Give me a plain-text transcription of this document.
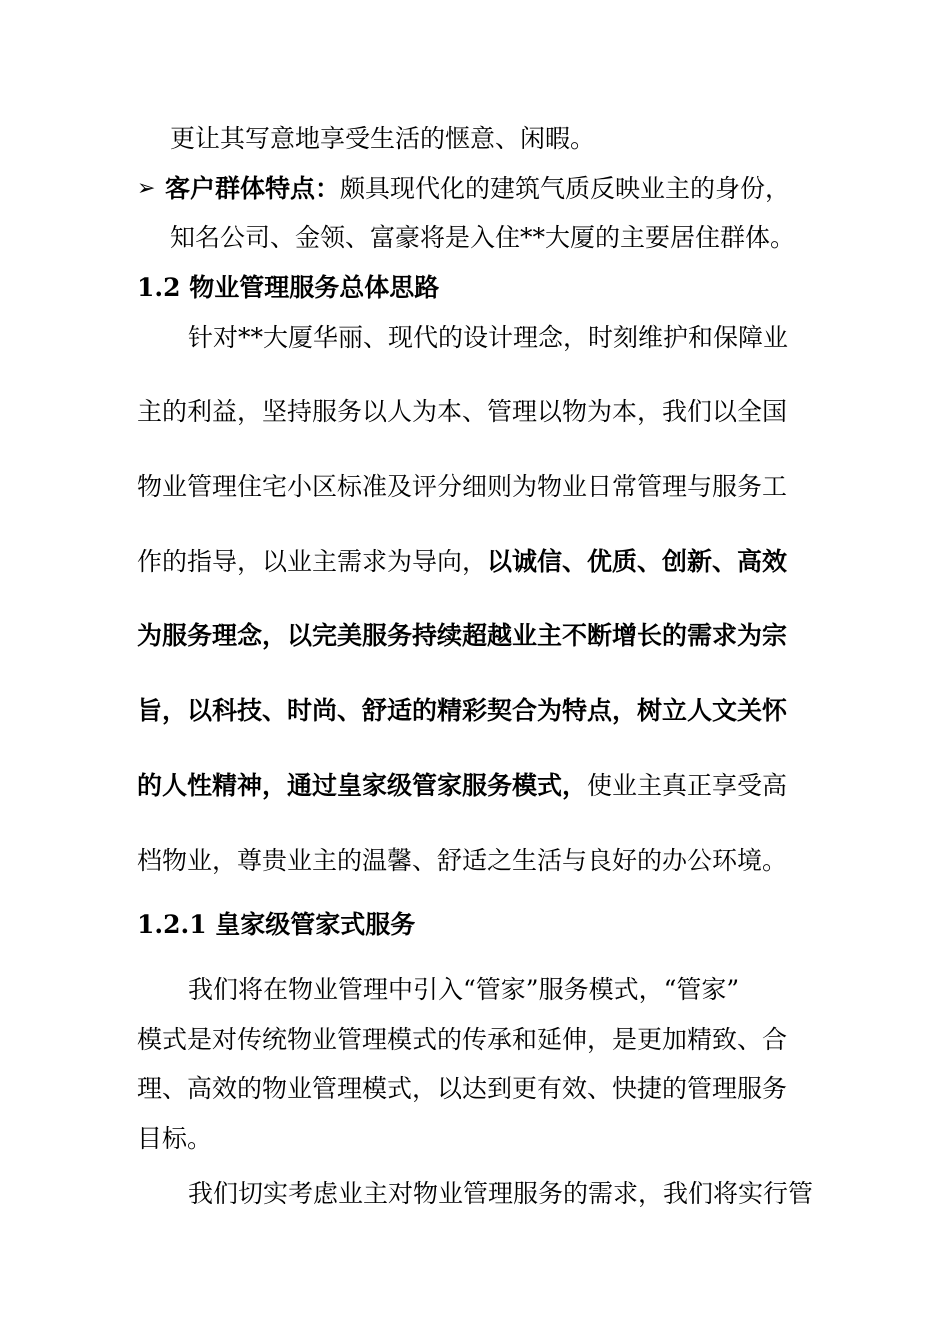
更让其写意地享受生活的惬意、闲暇。
➢ 客户群体特点：颇具现代化的建筑气质反映业主的身份，
知名公司、金领、富豪将是入住**大厦的主要居住群体。
1.2 物业管理服务总体思路
针对**大厦华丽、现代的设计理念，时刻维护和保障业
主的利益，坚持服务以人为本、管理以物为本，我们以全国
物业管理住宅小区标准及评分细则为物业日常管理与服务工
作的指导，以业主需求为导向，以诚信、优质、创新、高效
为服务理念，以完美服务持续超越业主不断增长的需求为宗
旨，以科技、时尚、舒适的精彩契合为特点，树立人文关怀
的人性精神，通过皇家级管家服务模式，使业主真正享受高
档物业，尊贵业主的温馨、舒适之生活与良好的办公环境。
1.2.1 皇家级管家式服务
我们将在物业管理中引入“管家”服务模式，“管家”
模式是对传统物业管理模式的传承和延伸，是更加精致、合
理、高效的物业管理模式，以达到更有效、快捷的管理服务
目标。
我们切实考虑业主对物业管理服务的需求，我们将实行管
